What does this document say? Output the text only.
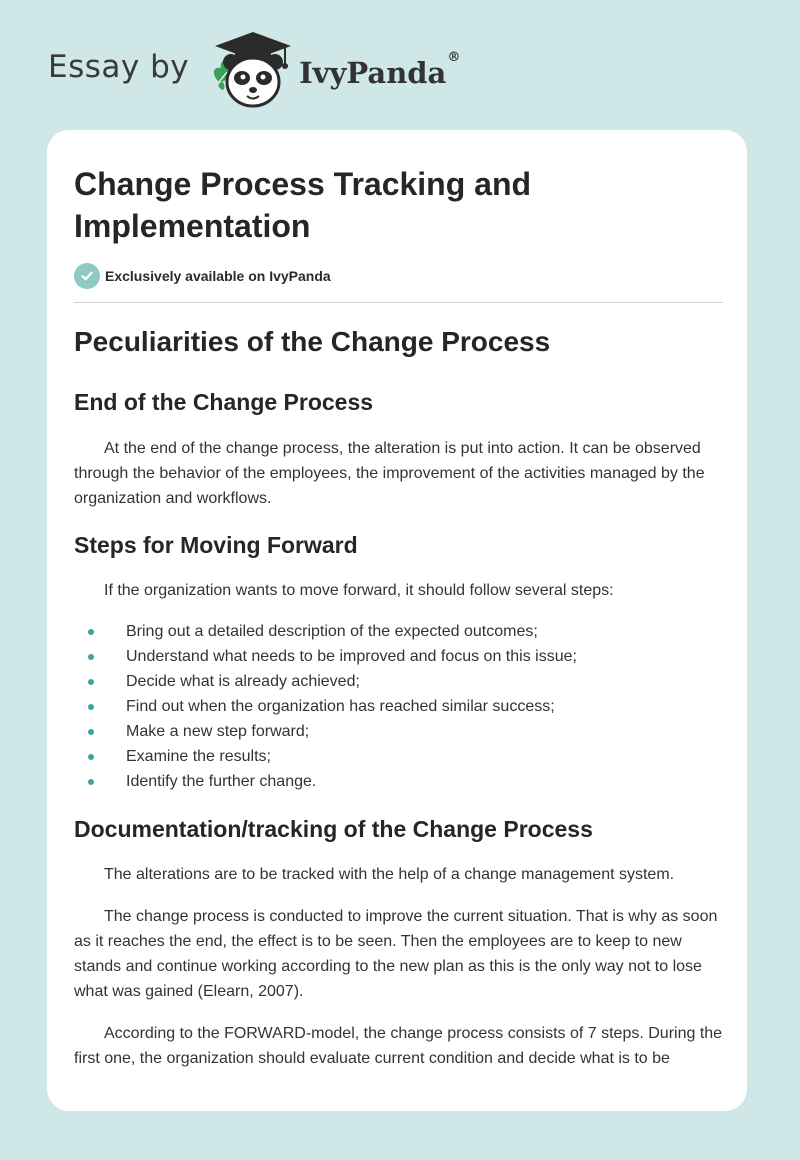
Essay by	IvyPanda®
Change Process Tracking and Implementation
Exclusively available on IvyPanda
Peculiarities of the Change Process
End of the Change Process

At the end of the change process, the alteration is put into action. It can be observed through the behavior of the employees, the improvement of the activities managed by the organization and workflows.

Steps for Moving Forward

If the organization wants to move forward, it should follow several steps:

Bring out a detailed description of the expected outcomes;
Understand what needs to be improved and focus on this issue;
Decide what is already achieved;
Find out when the organization has reached similar success;
Make a new step forward;
Examine the results;
Identify the further change.
Documentation/tracking of the Change Process

The alterations are to be tracked with the help of a change management system.

The change process is conducted to improve the current situation. That is why as soon as it reaches the end, the effect is to be seen. Then the employees are to keep to new stands and continue working according to the new plan as this is the only way not to lose what was gained (Elearn, 2007).

According to the FORWARD-model, the change process consists of 7 steps. During the first one, the organization should evaluate current condition and decide what is to be
